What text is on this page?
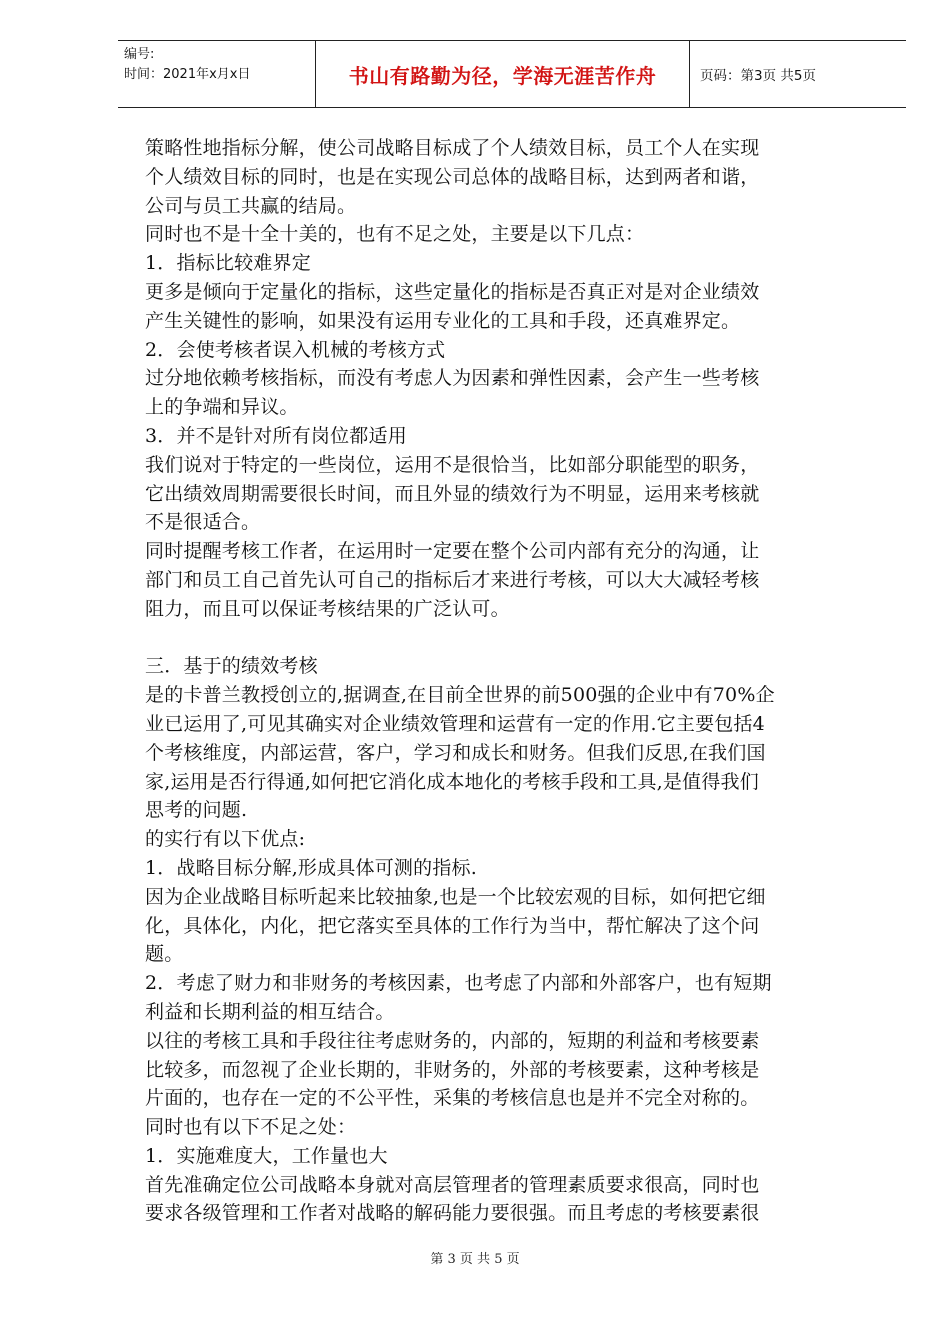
编号:
时间：2021年x月x日	书山有路勤为径，学海无涯苦作舟	页码：第3页 共5页
策略性地指标分解，使公司战略目标成了个人绩效目标，员工个人在实现
个人绩效目标的同时，也是在实现公司总体的战略目标，达到两者和谐，
公司与员工共赢的结局。
同时也不是十全十美的，也有不足之处，主要是以下几点：
1．指标比较难界定
更多是倾向于定量化的指标，这些定量化的指标是否真正对是对企业绩效
产生关键性的影响，如果没有运用专业化的工具和手段，还真难界定。
2．会使考核者误入机械的考核方式
过分地依赖考核指标，而没有考虑人为因素和弹性因素，会产生一些考核
上的争端和异议。
3．并不是针对所有岗位都适用
我们说对于特定的一些岗位，运用不是很恰当，比如部分职能型的职务，
它出绩效周期需要很长时间，而且外显的绩效行为不明显，运用来考核就
不是很适合。
同时提醒考核工作者，在运用时一定要在整个公司内部有充分的沟通，让
部门和员工自己首先认可自己的指标后才来进行考核，可以大大减轻考核
阻力，而且可以保证考核结果的广泛认可。
三．基于的绩效考核
是的卡普兰教授创立的,据调查,在目前全世界的前500强的企业中有70%企
业已运用了,可见其确实对企业绩效管理和运营有一定的作用.它主要包括4
个考核维度，内部运营，客户，学习和成长和财务。但我们反思,在我们国
家,运用是否行得通,如何把它消化成本地化的考核手段和工具,是值得我们
思考的问题.
的实行有以下优点:
1．战略目标分解,形成具体可测的指标.
因为企业战略目标听起来比较抽象,也是一个比较宏观的目标，如何把它细
化，具体化，内化，把它落实至具体的工作行为当中，帮忙解决了这个问
题。
2．考虑了财力和非财务的考核因素，也考虑了内部和外部客户，也有短期
利益和长期利益的相互结合。
以往的考核工具和手段往往考虑财务的，内部的，短期的利益和考核要素
比较多，而忽视了企业长期的，非财务的，外部的考核要素，这种考核是
片面的，也存在一定的不公平性，采集的考核信息也是并不完全对称的。
同时也有以下不足之处：
1．实施难度大，工作量也大
首先准确定位公司战略本身就对高层管理者的管理素质要求很高，同时也
要求各级管理和工作者对战略的解码能力要很强。而且考虑的考核要素很
第 3 页 共 5 页
